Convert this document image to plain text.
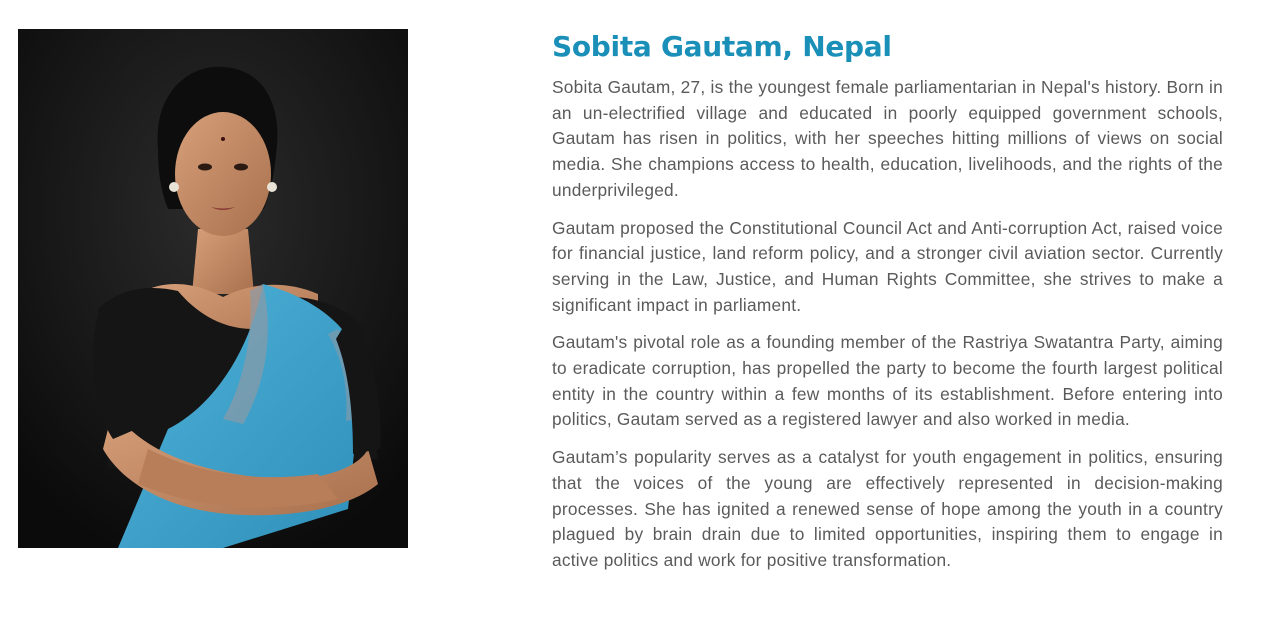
Sobita Gautam, Nepal

Sobita Gautam, 27, is the youngest female parliamentarian in Nepal's history. Born in an un-electrified village and educated in poorly equipped government schools, Gautam has risen in politics, with her speeches hitting millions of views on social media. She champions access to health, education, livelihoods, and the rights of the underprivileged.

Gautam proposed the Constitutional Council Act and Anti-corruption Act, raised voice for financial justice, land reform policy, and a stronger civil aviation sector. Currently serving in the Law, Justice, and Human Rights Committee, she strives to make a significant impact in parliament.

Gautam's pivotal role as a founding member of the Rastriya Swatantra Party, aiming to eradicate corruption, has propelled the party to become the fourth largest political entity in the country within a few months of its establishment. Before entering into politics, Gautam served as a registered lawyer and also worked in media.

Gautam’s popularity serves as a catalyst for youth engagement in politics, ensuring that the voices of the young are effectively represented in decision-making processes. She has ignited a renewed sense of hope among the youth in a country plagued by brain drain due to limited opportunities, inspiring them to engage in active politics and work for positive transformation.
